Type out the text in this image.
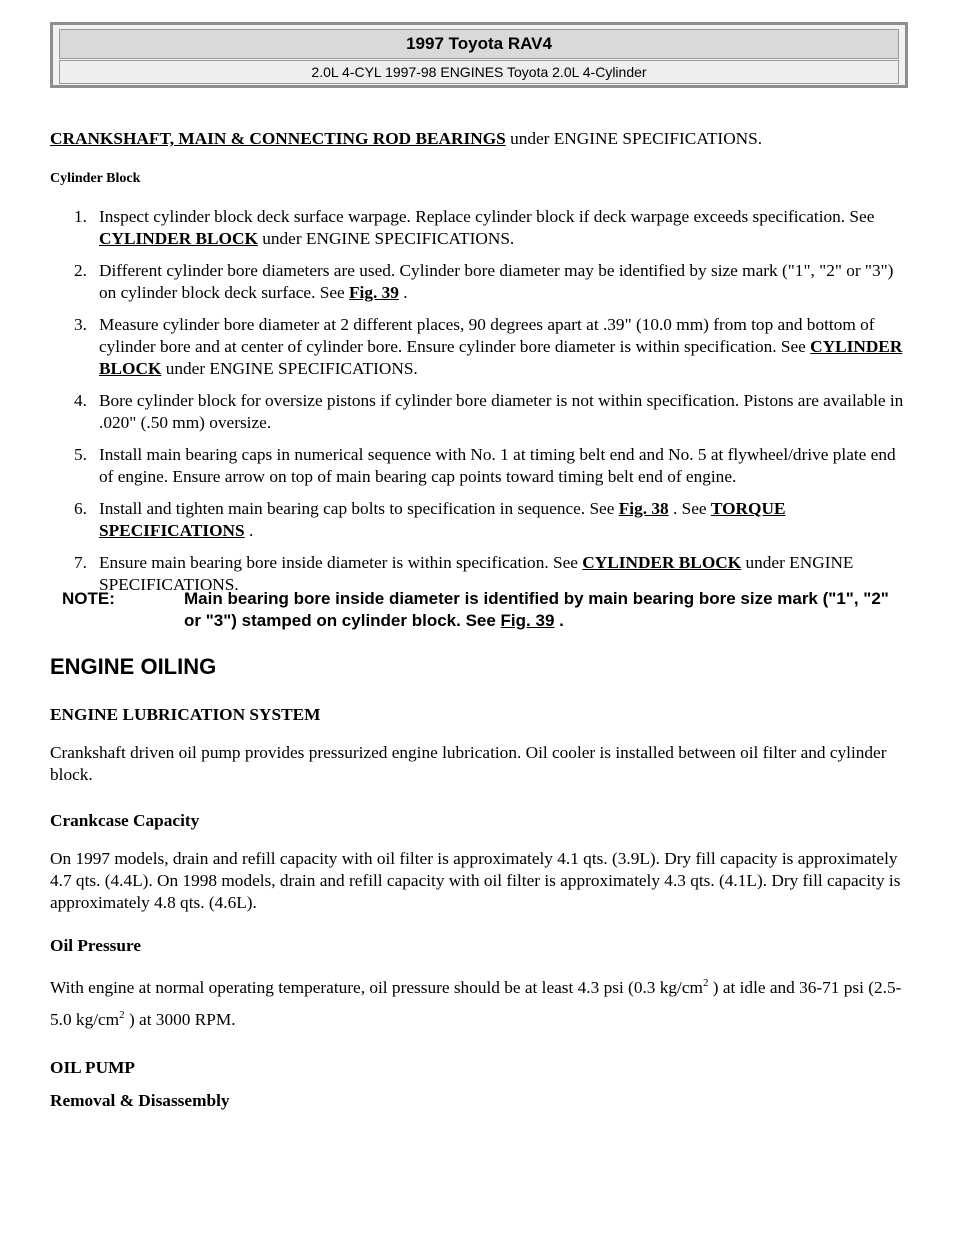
1997 Toyota RAV4
2.0L 4-CYL 1997-98 ENGINES Toyota 2.0L 4-Cylinder

CRANKSHAFT, MAIN & CONNECTING ROD BEARINGS under ENGINE SPECIFICATIONS.

Cylinder Block

1. Inspect cylinder block deck surface warpage. Replace cylinder block if deck warpage exceeds specification. See CYLINDER BLOCK under ENGINE SPECIFICATIONS.
2. Different cylinder bore diameters are used. Cylinder bore diameter may be identified by size mark ("1", "2" or "3") on cylinder block deck surface. See Fig. 39 .
3. Measure cylinder bore diameter at 2 different places, 90 degrees apart at .39" (10.0 mm) from top and bottom of cylinder bore and at center of cylinder bore. Ensure cylinder bore diameter is within specification. See CYLINDER BLOCK under ENGINE SPECIFICATIONS.
4. Bore cylinder block for oversize pistons if cylinder bore diameter is not within specification. Pistons are available in .020" (.50 mm) oversize.
5. Install main bearing caps in numerical sequence with No. 1 at timing belt end and No. 5 at flywheel/drive plate end of engine. Ensure arrow on top of main bearing cap points toward timing belt end of engine.
6. Install and tighten main bearing cap bolts to specification in sequence. See Fig. 38 . See TORQUE SPECIFICATIONS .
7. Ensure main bearing bore inside diameter is within specification. See CYLINDER BLOCK under ENGINE SPECIFICATIONS.
NOTE:	Main bearing bore inside diameter is identified by main bearing bore size mark ("1", "2" or "3") stamped on cylinder block. See Fig. 39 .
ENGINE OILING
ENGINE LUBRICATION SYSTEM
Crankshaft driven oil pump provides pressurized engine lubrication. Oil cooler is installed between oil filter and cylinder block.
Crankcase Capacity
On 1997 models, drain and refill capacity with oil filter is approximately 4.1 qts. (3.9L). Dry fill capacity is approximately 4.7 qts. (4.4L). On 1998 models, drain and refill capacity with oil filter is approximately 4.3 qts. (4.1L). Dry fill capacity is approximately 4.8 qts. (4.6L).
Oil Pressure
With engine at normal operating temperature, oil pressure should be at least 4.3 psi (0.3 $kg/cm^2$ ) at idle and 36-71 psi (2.5-5.0 $kg/cm^2$ ) at 3000 RPM.
OIL PUMP
Removal & Disassembly
